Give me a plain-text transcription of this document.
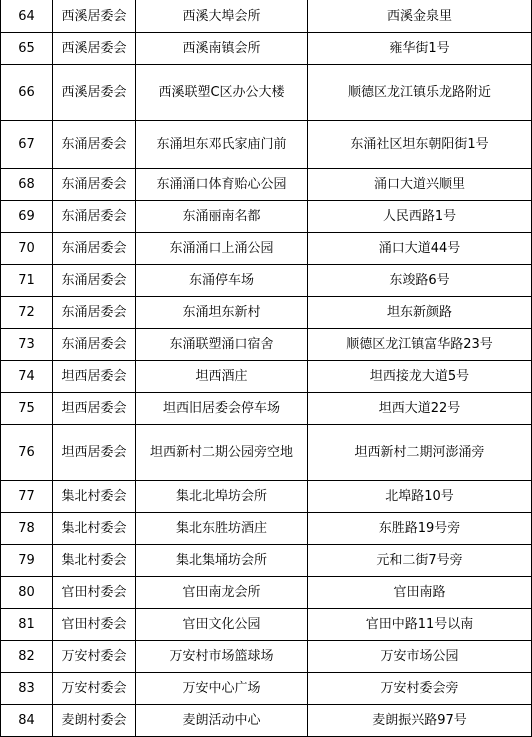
64	西溪居委会	西溪大埠会所	西溪金泉里
65	西溪居委会	西溪南镇会所	雍华街1号
66	西溪居委会	西溪联塑C区办公大楼	顺德区龙江镇乐龙路附近
67	东涌居委会	东涌坦东邓氏家庙门前	东涌社区坦东朝阳街1号
68	东涌居委会	东涌涌口体育贻心公园	涌口大道兴顺里
69	东涌居委会	东涌丽南名都	人民西路1号
70	东涌居委会	东涌涌口上涌公园	涌口大道44号
71	东涌居委会	东涌停车场	东竣路6号
72	东涌居委会	东涌坦东新村	坦东新颜路
73	东涌居委会	东涌联塑涌口宿舍	顺德区龙江镇富华路23号
74	坦西居委会	坦西酒庄	坦西接龙大道5号
75	坦西居委会	坦西旧居委会停车场	坦西大道22号
76	坦西居委会	坦西新村二期公园旁空地	坦西新村二期河澎涌旁
77	集北村委会	集北北埠坊会所	北埠路10号
78	集北村委会	集北东胜坊酒庄	东胜路19号旁
79	集北村委会	集北集埇坊会所	元和二街7号旁
80	官田村委会	官田南龙会所	官田南路
81	官田村委会	官田文化公园	官田中路11号以南
82	万安村委会	万安村市场篮球场	万安市场公园
83	万安村委会	万安中心广场	万安村委会旁
84	麦朗村委会	麦朗活动中心	麦朗振兴路97号
